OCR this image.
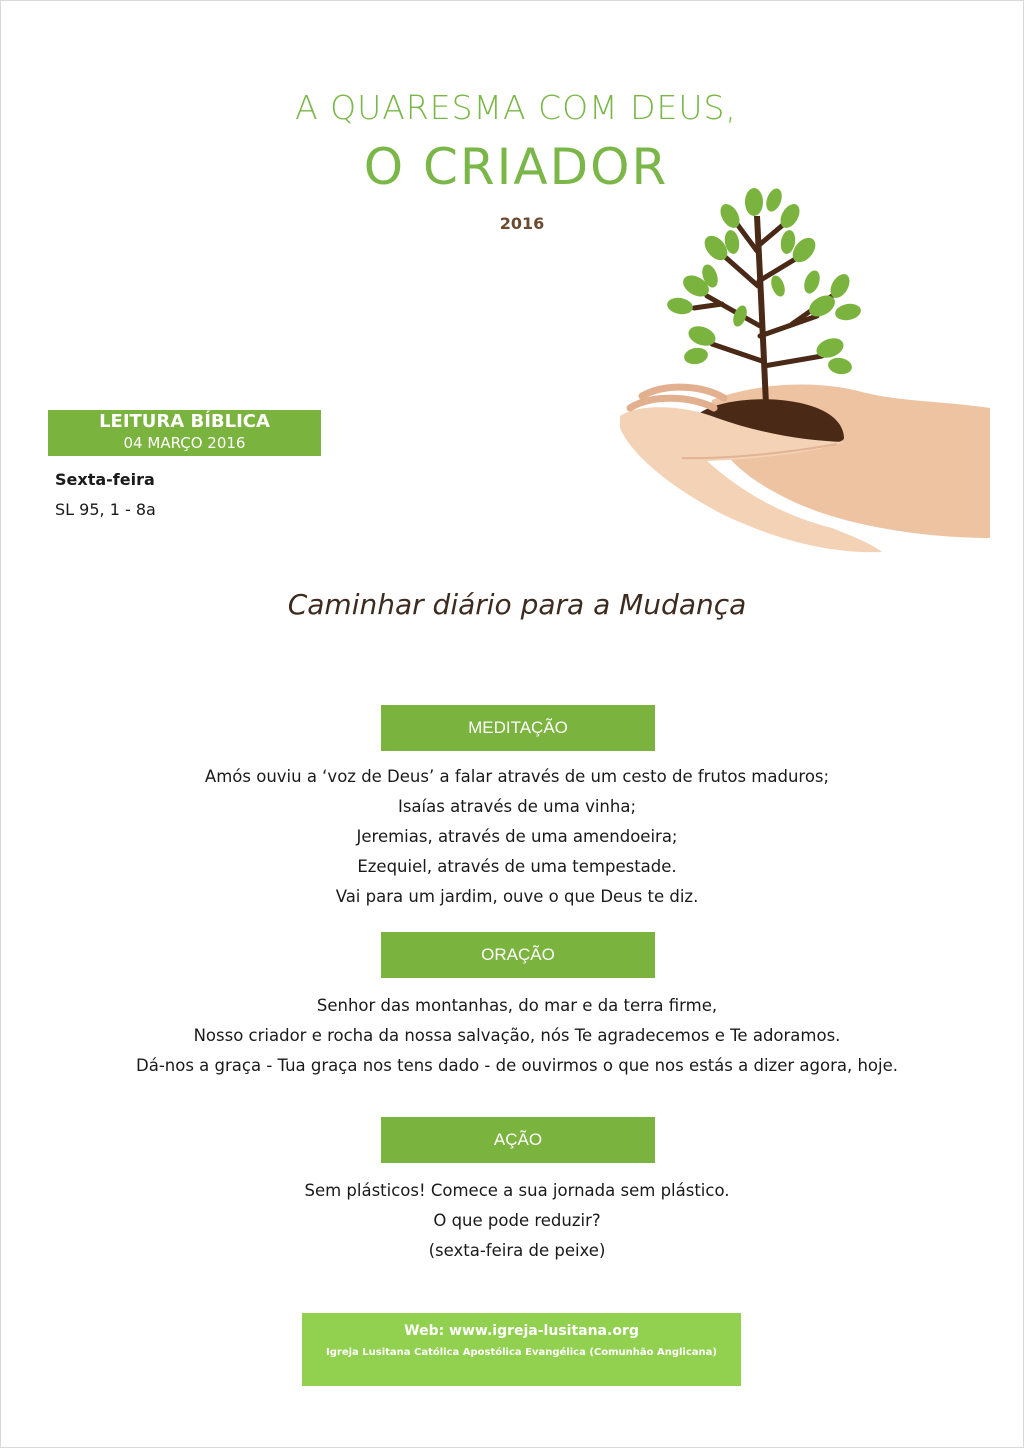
A QUARESMA COM DEUS,
O CRIADOR
2016
LEITURA BÍBLICA
04 MARÇO 2016
Sexta-feira
SL 95, 1 - 8a
Caminhar diário para a Mudança
MEDITAÇÃO
Amós ouviu a ‘voz de Deus’ a falar através de um cesto de frutos maduros;
Isaías através de uma vinha;
Jeremias, através de uma amendoeira;
Ezequiel, através de uma tempestade.
Vai para um jardim, ouve o que Deus te diz.
ORAÇÃO
Senhor das montanhas, do mar e da terra firme,
Nosso criador e rocha da nossa salvação, nós Te agradecemos e Te adoramos.
Dá-nos a graça - Tua graça nos tens dado - de ouvirmos o que nos estás a dizer agora, hoje.
AÇÃO
Sem plásticos! Comece a sua jornada sem plástico.
O que pode reduzir?
(sexta-feira de peixe)
Web: www.igreja-lusitana.org
Igreja Lusitana Católica Apostólica Evangélica (Comunhão Anglicana)
